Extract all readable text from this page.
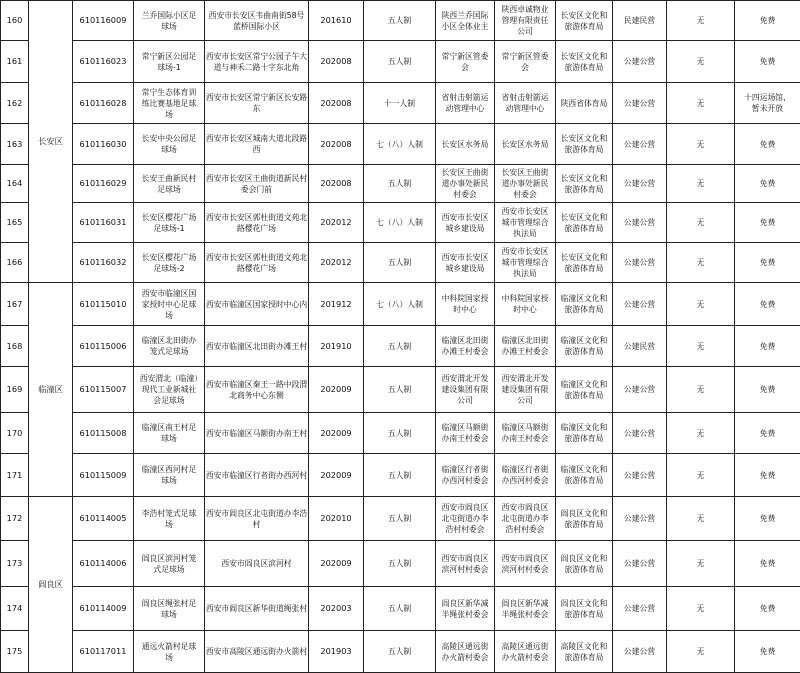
160	长安区	610116009	兰乔国际小区足球场	西安市长安区韦曲南街58号蓝桥国际小区	201610	五人制	陕西兰乔国际小区全体业主	陕西卓诚物业管理有限责任公司	长安区文化和旅游体育局	民建民营	无	免费
161		610116023	常宁新区公园足球场-1	西安市长安区常宁公园子午大道与神禾二路十字东北角	202008	五人制	常宁新区管委会	常宁新区管委会	长安区文化和旅游体育局	公建公营	无	免费
162		610116028	常宁生态体育训练比赛基地足球场	西安市长安区常宁新区长安路东	202008	十一人制	省射击射箭运动管理中心	省射击射箭运动管理中心	陕西省体育局	公建公营	无	十四运场馆，暂未开放
163		610116030	长安中央公园足球场	西安市长安区城南大道北段路西	202008	七（八）人制	长安区水务局	长安区水务局	长安区文化和旅游体育局	公建公营	无	免费
164		610116029	长安王曲新民村足球场	西安市长安区王曲街道新民村委会门前	202008	五人制	长安区王曲街道办事处新民村委会	长安区王曲街道办事处新民村委会	长安区文化和旅游体育局	公建公营	无	免费
165		610116031	长安区樱花广场足球场-1	西安市长安区郭杜街道文苑北路樱花广场	202012	七（八）人制	西安市长安区城乡建设局	西安市长安区城市管理综合执法局	长安区文化和旅游体育局	公建公营	无	免费
166		610116032	长安区樱花广场足球场-2	西安市长安区郭杜街道文苑北路樱花广场	202012	五人制	西安市长安区城乡建设局	西安市长安区城市管理综合执法局	长安区文化和旅游体育局	公建公营	无	免费
167	临潼区	610115010	西安市临潼区国家授时中心足球场	西安市临潼区国家授时中心内	201912	七（八）人制	中科院国家授时中心	中科院国家授时中心	临潼区文化和旅游体育局	公建公营	无	免费
168		610115006	临潼区北田街办笼式足球场	西安市临潼区北田街办滩王村	201910	五人制	临潼区北田街办滩王村委会	临潼区北田街办滩王村委会	临潼区文化和旅游体育局	公建民营	无	免费
169		610115007	西安渭北（临潼）现代工业新城社会足球场	西安市临潼区秦王一路中段渭北商务中心东侧	202009	五人制	西安渭北开发建设集团有限公司	西安渭北开发建设集团有限公司	临潼区文化和旅游体育局	公建公营	无	免费
170		610115008	临潼区南王村足球场	西安市临潼区马额街办南王村	202009	五人制	临潼区马额街办南王村委会	临潼区马额街办南王村委会	临潼区文化和旅游体育局	公建公营	无	免费
171		610115009	临潼区西河村足球场	西安市临潼区行者街办西河村	202009	五人制	临潼区行者街办西河村委会	临潼区行者街办西河村委会	临潼区文化和旅游体育局	公建公营	无	免费
172	阎良区	610114005	李浩村笼式足球场	西安市阎良区北屯街道办李浩村	202010	五人制	西安市阎良区北屯街道办李浩村村委会	西安市阎良区北屯街道办李浩村村委会	阎良区文化和旅游体育局	公建公营	无	免费
173		610114006	阎良区滨河村笼式足球场	西安市阎良区滨河村	202009	五人制	西安市阎良区滨河村村委会	西安市阎良区滨河村村委会	阎良区文化和旅游体育局	公建公营	无	免费
174		610114009	阎良区绳张村足球场	西安市阎良区新华街道绳张村	202003	五人制	阎良区新华减半绳张村委会	阎良区新华减半绳张村委会	阎良区文化和旅游体育局	公建公营	无	免费
175		610117011	通远火箭村足球场	西安市高陵区通远街办火箭村	201903	五人制	高陵区通远街办火箭村委会	高陵区通远街办火箭村委会	高陵区文化和旅游体育局	公建公营	无	免费
